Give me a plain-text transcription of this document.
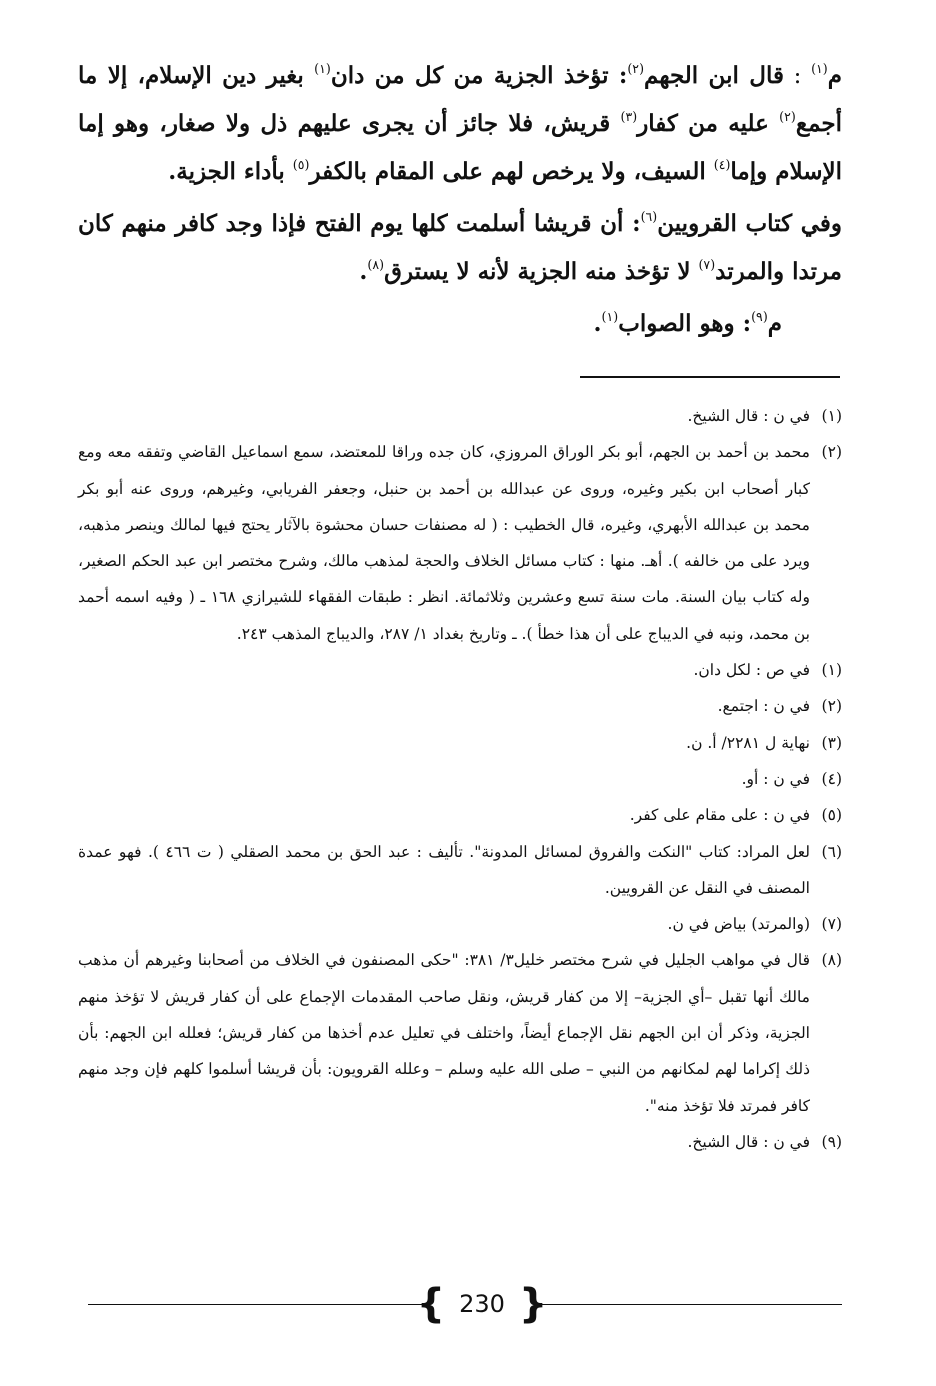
م$^{(١)}$ : قال ابن الجهم$^{(٢)}$: تؤخذ الجزية من كل من دان$^{(١)}$ بغير دين الإسلام، إلا ما أجمع$^{(٢)}$ عليه من كفار$^{(٣)}$ قريش، فلا جائز أن يجرى عليهم ذل ولا صغار، وهو إما الإسلام وإما$^{(٤)}$ السيف، ولا يرخص لهم على المقام بالكفر$^{(٥)}$ بأداء الجزية.

وفي كتاب القرويين$^{(٦)}$: أن قريشا أسلمت كلها يوم الفتح فإذا وجد كافر منهم كان مرتدا والمرتد$^{(٧)}$ لا تؤخذ منه الجزية لأنه لا يسترق$^{(٨)}$.

م$^{(٩)}$: وهو الصواب$^{(١)}$.

(١)
في ن : قال الشيخ.
(٢)
محمد بن أحمد بن الجهم، أبو بكر الوراق المروزي، كان جده وراقا للمعتضد، سمع اسماعيل القاضي وتفقه معه ومع كبار أصحاب ابن بكير وغيره، وروى عن عبدالله بن أحمد بن حنبل، وجعفر الفريابي، وغيرهم، وروى عنه أبو بكر محمد بن عبدالله الأبهري، وغيره، قال الخطيب : ( له مصنفات حسان محشوة بالآثار يحتج فيها لمالك وينصر مذهبه، ويرد على من خالفه ). أهـ. منها : كتاب مسائل الخلاف والحجة لمذهب مالك، وشرح مختصر ابن عبد الحكم الصغير، وله كتاب بيان السنة. مات سنة تسع وعشرين وثلاثمائة. انظر : طبقات الفقهاء للشيرازي ١٦٨ ـ ( وفيه اسمه أحمد بن محمد، ونبه في الديباج على أن هذا خطأ ). ـ وتاريخ بغداد ١/ ٢٨٧، والديباج المذهب ٢٤٣.
(١)
في ص : لكل دان.
(٢)
في ن : اجتمع.
(٣)
نهاية ل ٢٢٨١/ أ. ن.
(٤)
في ن : أو.
(٥)
في ن : على مقام على كفر.
(٦)
لعل المراد: كتاب "النكت والفروق لمسائل المدونة". تأليف : عبد الحق بن محمد الصقلي ( ت ٤٦٦ ). فهو عمدة المصنف في النقل عن القرويين.
(٧)
(والمرتد) بياض في ن.
(٨)
قال في مواهب الجليل في شرح مختصر خليل٣/ ٣٨١: "حكى المصنفون في الخلاف من أصحابنا وغيرهم أن مذهب مالك أنها تقبل –أي الجزية– إلا من كفار قريش، ونقل صاحب المقدمات الإجماع على أن كفار قريش لا تؤخذ منهم الجزية، وذكر أن ابن الجهم نقل الإجماع أيضاً، واختلف في تعليل عدم أخذها من كفار قريش؛ فعلله ابن الجهم: بأن ذلك إكراما لهم لمكانهم من النبي – صلى الله عليه وسلم – وعلله القرويون: بأن قريشا أسلموا كلهم فإن وجد منهم كافر فمرتد فلا تؤخذ منه".
(٩)
في ن : قال الشيخ.
{ 230 }
